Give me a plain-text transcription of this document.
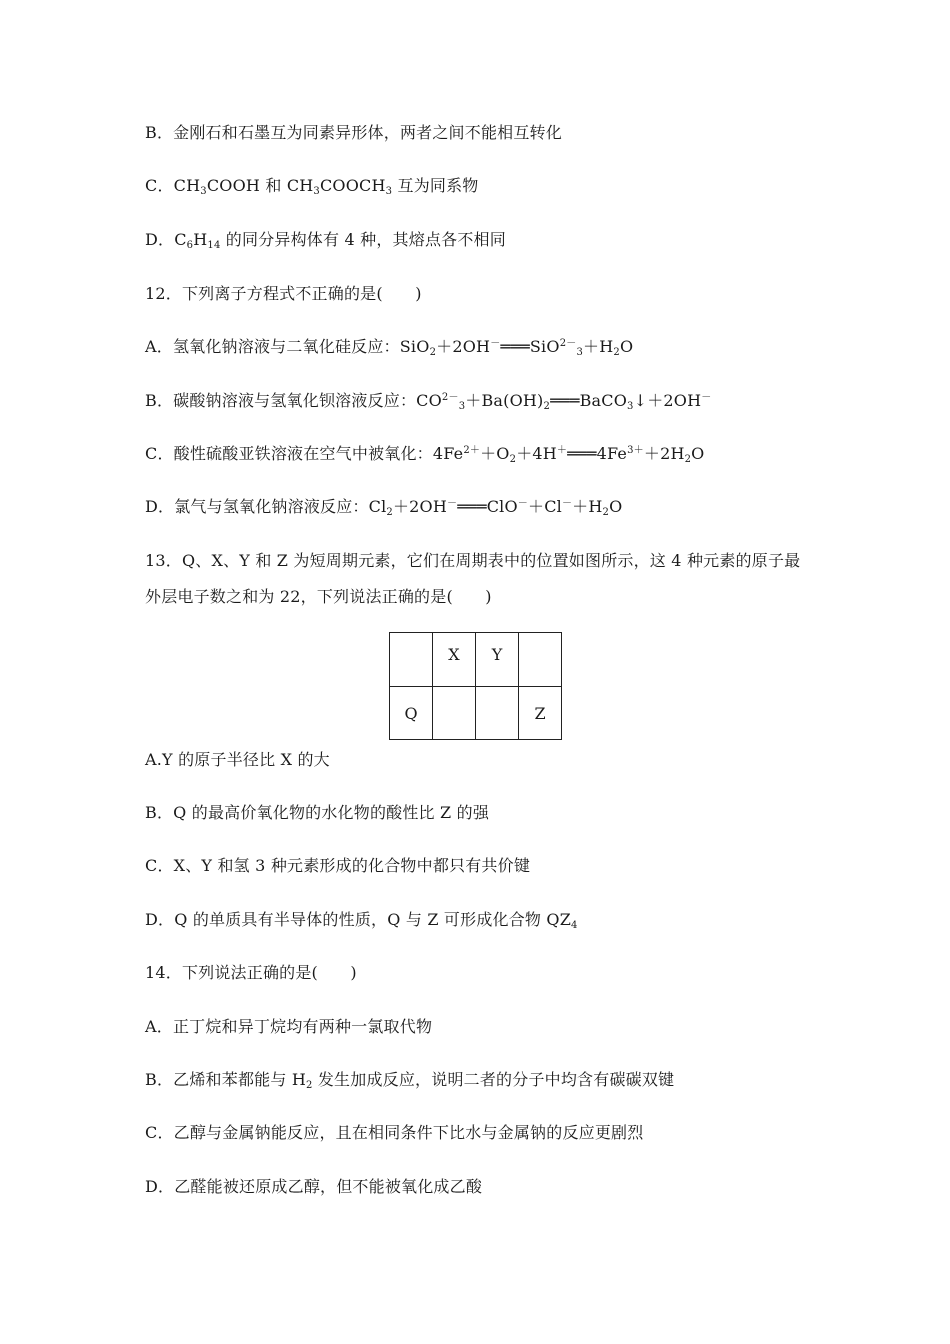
B．金刚石和石墨互为同素异形体，两者之间不能相互转化
C．$CH_3COOH$ 和 $CH_3COOCH_3$ 互为同系物
D．$C_6H_{14}$ 的同分异构体有 4 种，其熔点各不相同
12．下列离子方程式不正确的是(　　)
A．氢氧化钠溶液与二氧化硅反应：$SiO_2+2OH^-═══SiO^{2-}_3+H_2O$
B．碳酸钠溶液与氢氧化钡溶液反应：$CO^{2-}_3+Ba(OH)_2═══BaCO_3↓+2OH^-$
C．酸性硫酸亚铁溶液在空气中被氧化：$4Fe^{2+}+O_2+4H^+═══4Fe^{3+}+2H_2O$
D．氯气与氢氧化钠溶液反应：$Cl_2+2OH^-═══ClO^-+Cl^-+H_2O$
13．Q、X、Y 和 Z 为短周期元素，它们在周期表中的位置如图所示，这 4 种元素的原子最
外层电子数之和为 22，下列说法正确的是(　　)
	X	Y	
Q			Z
A.Y 的原子半径比 X 的大
B．Q 的最高价氧化物的水化物的酸性比 Z 的强
C．X、Y 和氢 3 种元素形成的化合物中都只有共价键
D．Q 的单质具有半导体的性质，Q 与 Z 可形成化合物 $QZ_4$
14．下列说法正确的是(　　)
A．正丁烷和异丁烷均有两种一氯取代物
B．乙烯和苯都能与 $H_2$ 发生加成反应，说明二者的分子中均含有碳碳双键
C．乙醇与金属钠能反应，且在相同条件下比水与金属钠的反应更剧烈
D．乙醛能被还原成乙醇，但不能被氧化成乙酸
